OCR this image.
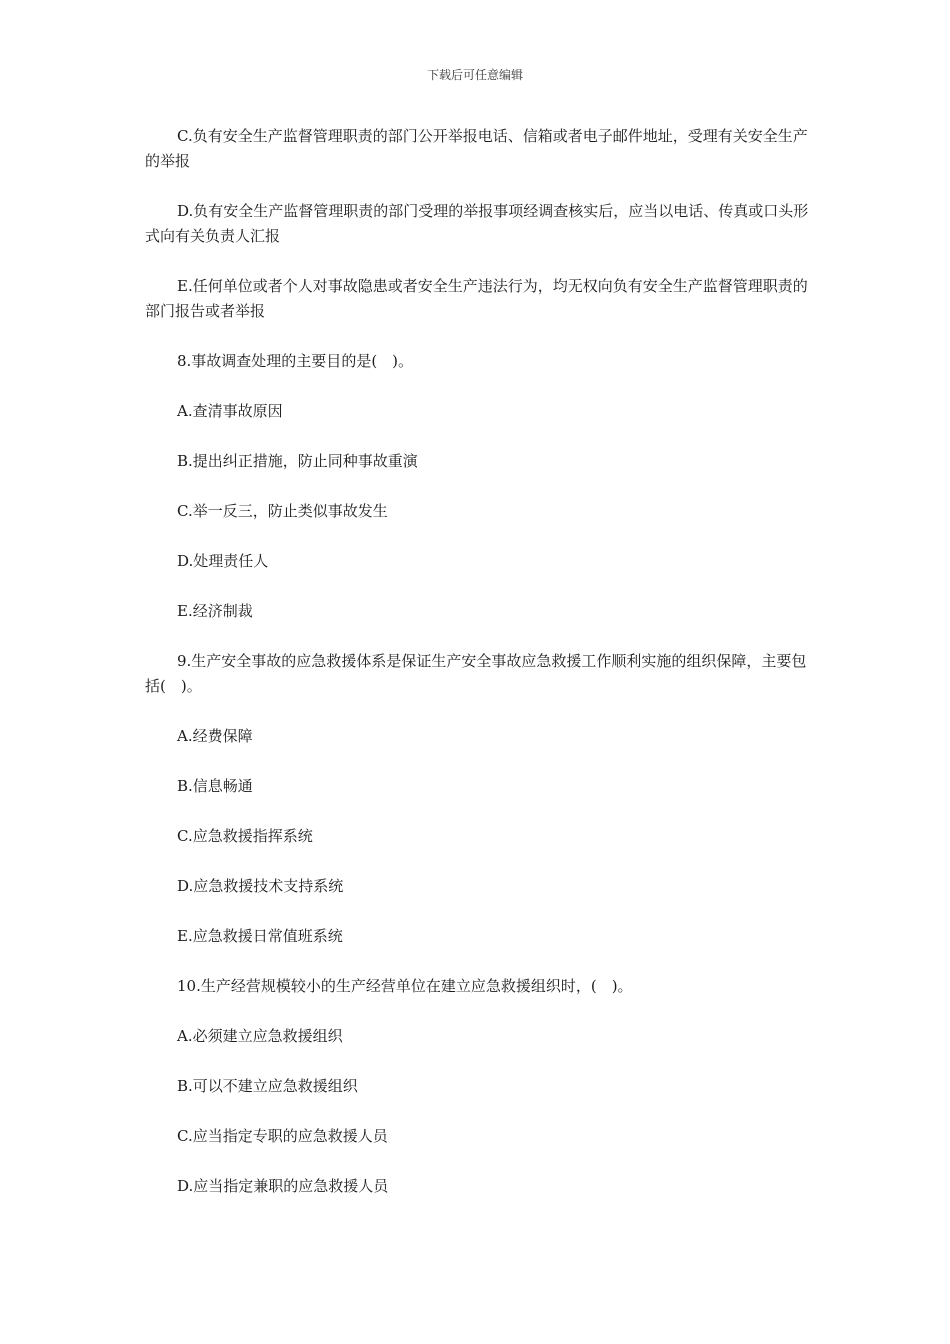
下载后可任意编辑

C.负有安全生产监督管理职责的部门公开举报电话、信箱或者电子邮件地址，受理有关安全生产的举报

D.负有安全生产监督管理职责的部门受理的举报事项经调查核实后，应当以电话、传真或口头形式向有关负责人汇报

E.任何单位或者个人对事故隐患或者安全生产违法行为，均无权向负有安全生产监督管理职责的部门报告或者举报

8.事故调查处理的主要目的是(　)。

A.查清事故原因

B.提出纠正措施，防止同种事故重演

C.举一反三，防止类似事故发生

D.处理责任人

E.经济制裁

9.生产安全事故的应急救援体系是保证生产安全事故应急救援工作顺利实施的组织保障，主要包括(　)。

A.经费保障

B.信息畅通

C.应急救援指挥系统

D.应急救援技术支持系统

E.应急救援日常值班系统

10.生产经营规模较小的生产经营单位在建立应急救援组织时，(　)。

A.必须建立应急救援组织

B.可以不建立应急救援组织

C.应当指定专职的应急救援人员

D.应当指定兼职的应急救援人员
